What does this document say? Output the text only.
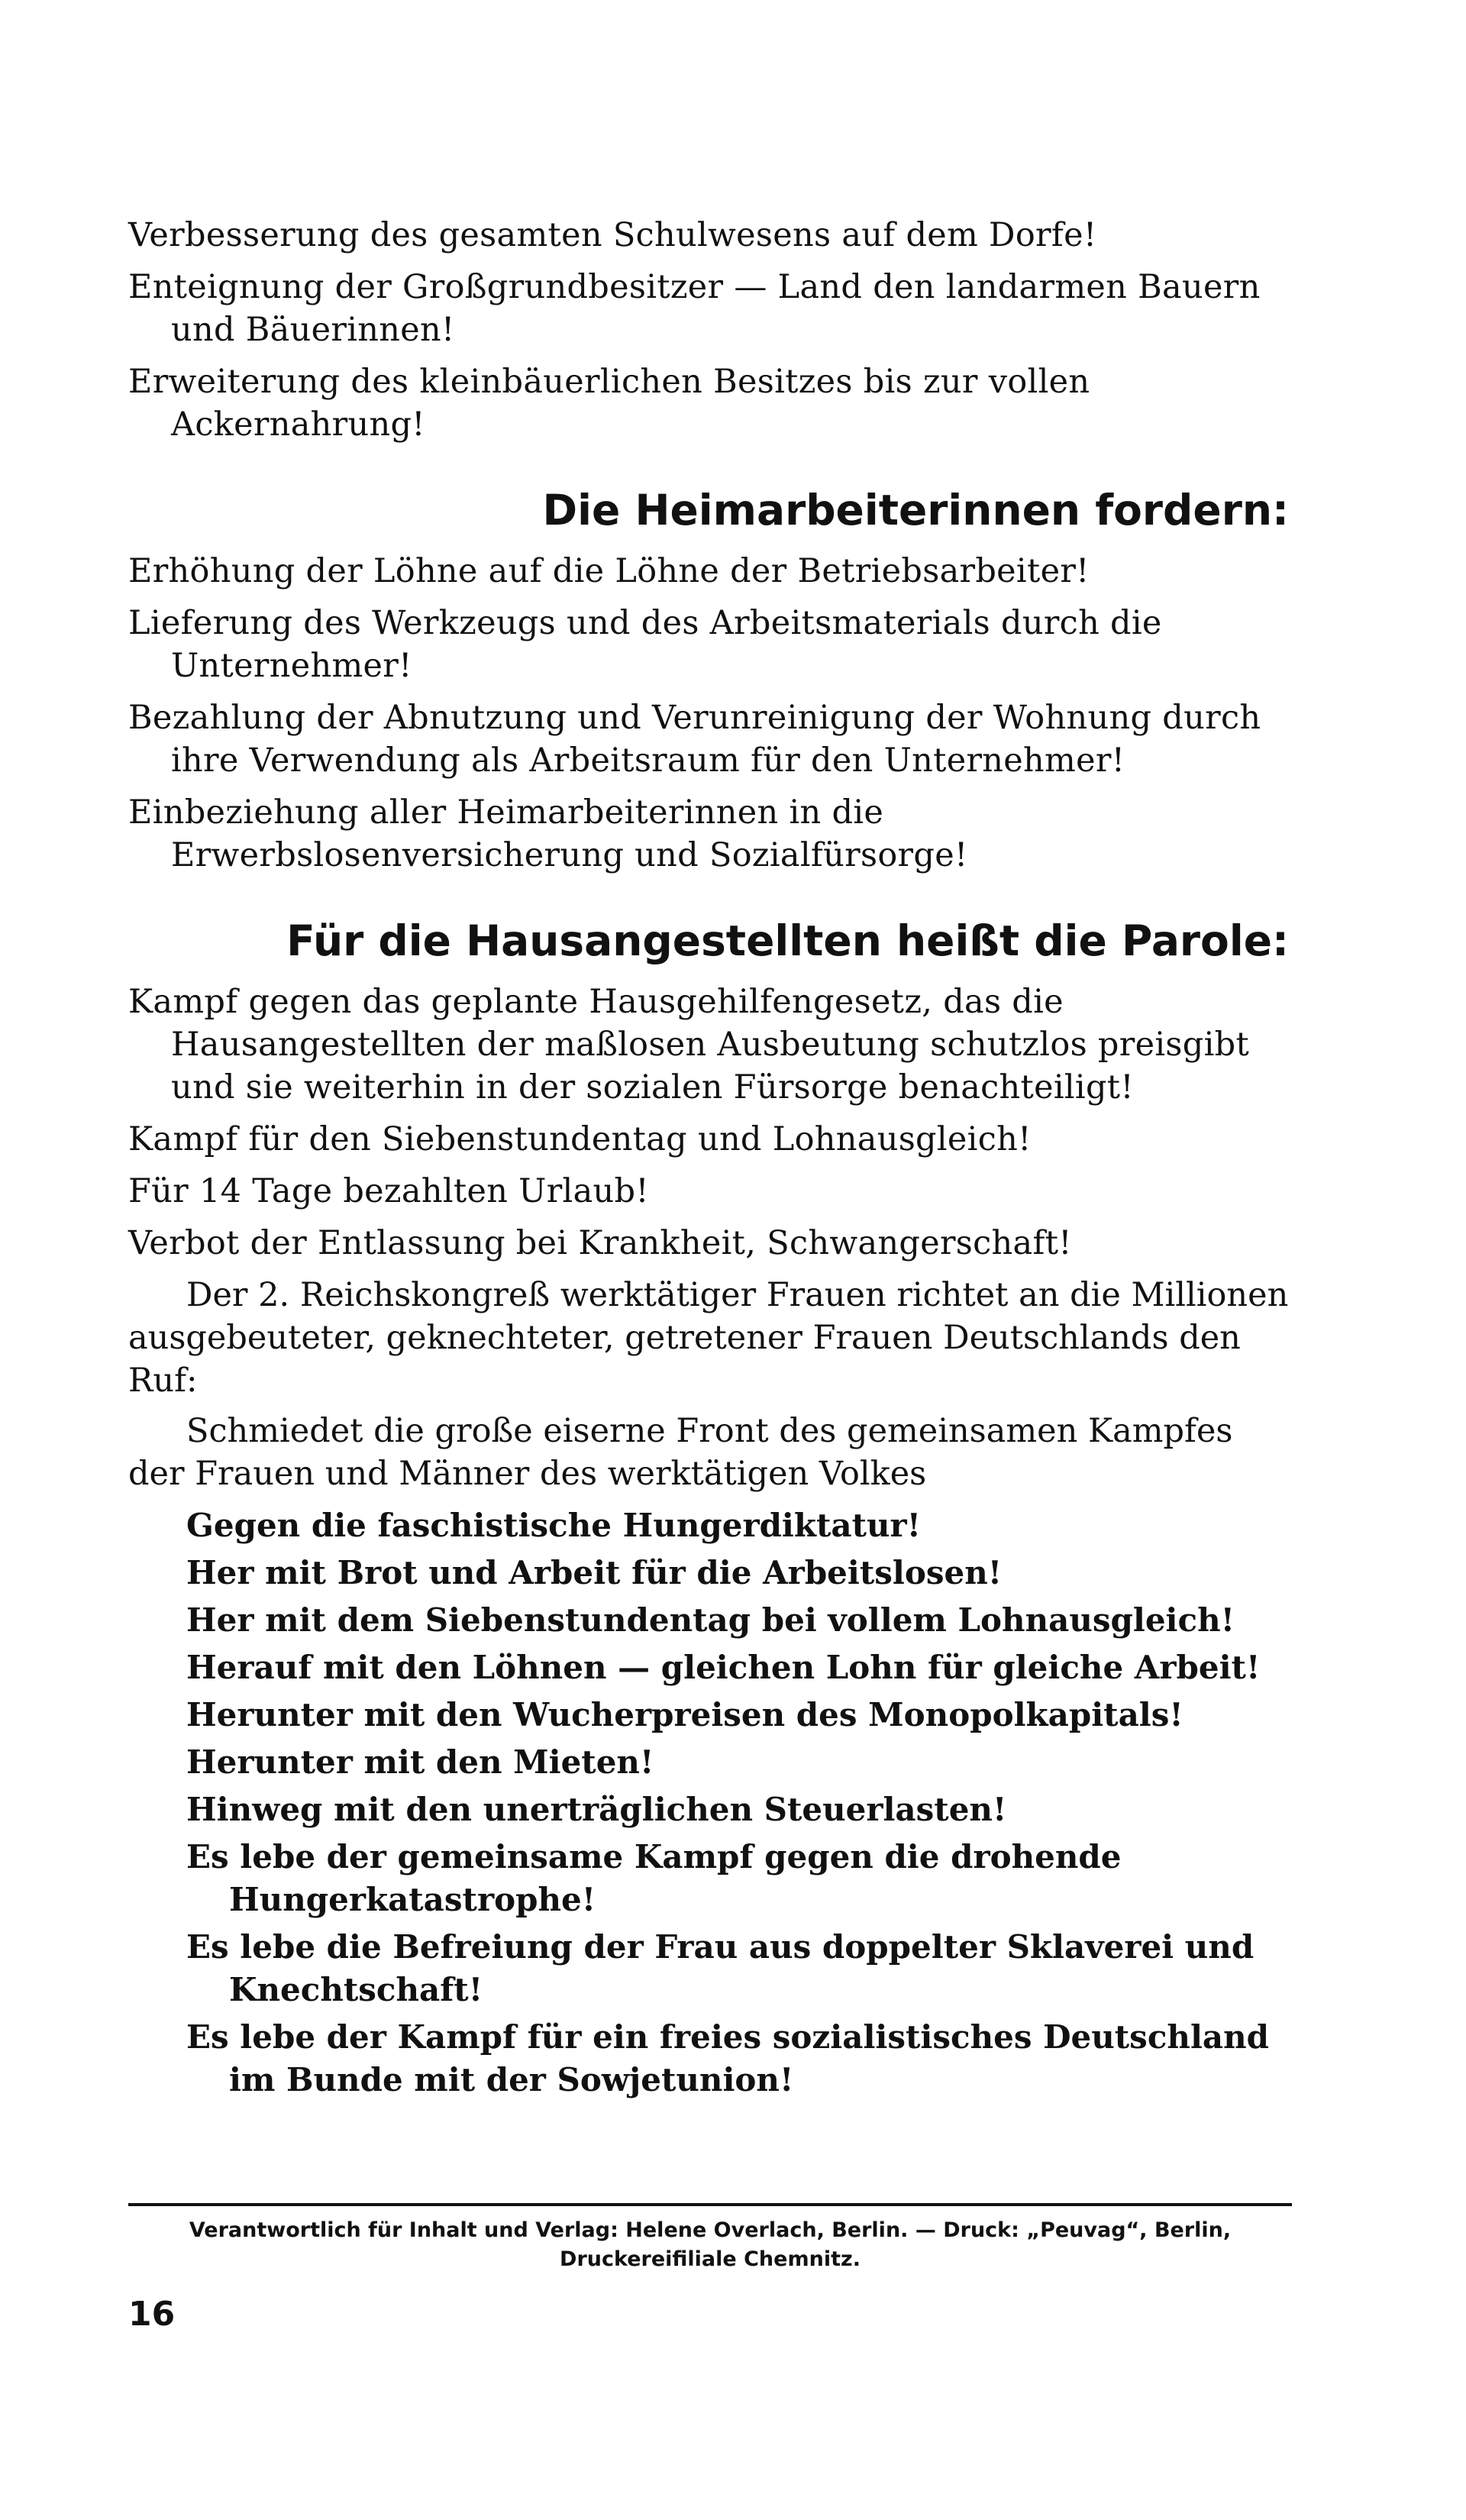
Verbesserung des gesamten Schulwesens auf dem Dorfe!

Enteignung der Großgrundbesitzer — Land den landarmen Bauern und Bäuerinnen!

Erweiterung des kleinbäuerlichen Besitzes bis zur vollen Ackernahrung!

Die Heimarbeiterinnen fordern:

Erhöhung der Löhne auf die Löhne der Betriebsarbeiter!

Lieferung des Werkzeugs und des Arbeitsmaterials durch die Unternehmer!

Bezahlung der Abnutzung und Verunreinigung der Wohnung durch ihre Verwendung als Arbeitsraum für den Unternehmer!

Einbeziehung aller Heimarbeiterinnen in die Erwerbslosenversicherung und Sozialfürsorge!

Für die Hausangestellten heißt die Parole:

Kampf gegen das geplante Hausgehilfengesetz, das die Hausangestellten der maßlosen Ausbeutung schutzlos preisgibt und sie weiterhin in der sozialen Fürsorge benachteiligt!

Kampf für den Siebenstundentag und Lohnausgleich!

Für 14 Tage bezahlten Urlaub!

Verbot der Entlassung bei Krankheit, Schwangerschaft!

Der 2. Reichskongreß werktätiger Frauen richtet an die Millionen ausgebeuteter, geknechteter, getretener Frauen Deutschlands den Ruf:

Schmiedet die große eiserne Front des gemeinsamen Kampfes der Frauen und Männer des werktätigen Volkes

Gegen die faschistische Hungerdiktatur!

Her mit Brot und Arbeit für die Arbeitslosen!

Her mit dem Siebenstundentag bei vollem Lohnausgleich!

Herauf mit den Löhnen — gleichen Lohn für gleiche Arbeit!

Herunter mit den Wucherpreisen des Monopolkapitals!

Herunter mit den Mieten!

Hinweg mit den unerträglichen Steuerlasten!

Es lebe der gemeinsame Kampf gegen die drohende Hungerkatastrophe!

Es lebe die Befreiung der Frau aus doppelter Sklaverei und Knechtschaft!

Es lebe der Kampf für ein freies sozialistisches Deutschland im Bunde mit der Sowjetunion!

Verantwortlich für Inhalt und Verlag: Helene Overlach, Berlin. — Druck: „Peuvag“, Berlin,
Druckereifiliale Chemnitz.
16
